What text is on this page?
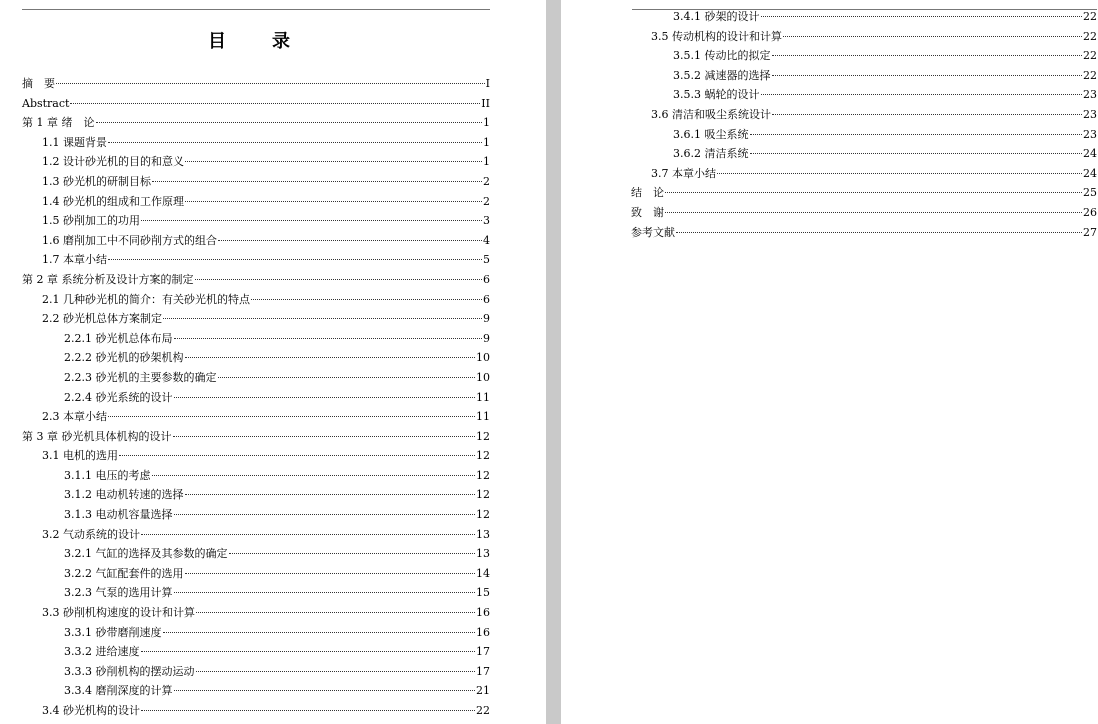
目　录
摘　要	I
Abstract	II
第 1 章 绪　论	1
1.1 课题背景	1
1.2 设计砂光机的目的和意义	1
1.3 砂光机的研制目标	2
1.4 砂光机的组成和工作原理	2
1.5 砂削加工的功用	3
1.6 磨削加工中不同砂削方式的组合	4
1.7 本章小结	5
第 2 章 系统分析及设计方案的制定	6
2.1 几种砂光机的简介：有关砂光机的特点	6
2.2 砂光机总体方案制定	9
2.2.1 砂光机总体布局	9
2.2.2 砂光机的砂架机构	10
2.2.3 砂光机的主要参数的确定	10
2.2.4 砂光系统的设计	11
2.3 本章小结	11
第 3 章 砂光机具体机构的设计	12
3.1 电机的选用	12
3.1.1 电压的考虑	12
3.1.2 电动机转速的选择	12
3.1.3 电动机容量选择	12
3.2 气动系统的设计	13
3.2.1 气缸的选择及其参数的确定	13
3.2.2 气缸配套件的选用	14
3.2.3 气泵的选用计算	15
3.3 砂削机构速度的设计和计算	16
3.3.1 砂带磨削速度	16
3.3.2 进给速度	17
3.3.3 砂削机构的摆动运动	17
3.3.4 磨削深度的计算	21
3.4 砂光机构的设计	22
3.4.1 砂架的设计	22
3.5 传动机构的设计和计算	22
3.5.1 传动比的拟定	22
3.5.2 减速器的选择	22
3.5.3 蜗轮的设计	23
3.6 清洁和吸尘系统设计	23
3.6.1 吸尘系统	23
3.6.2 清洁系统	24
3.7 本章小结	24
结　论	25
致　谢	26
参考文献	27
